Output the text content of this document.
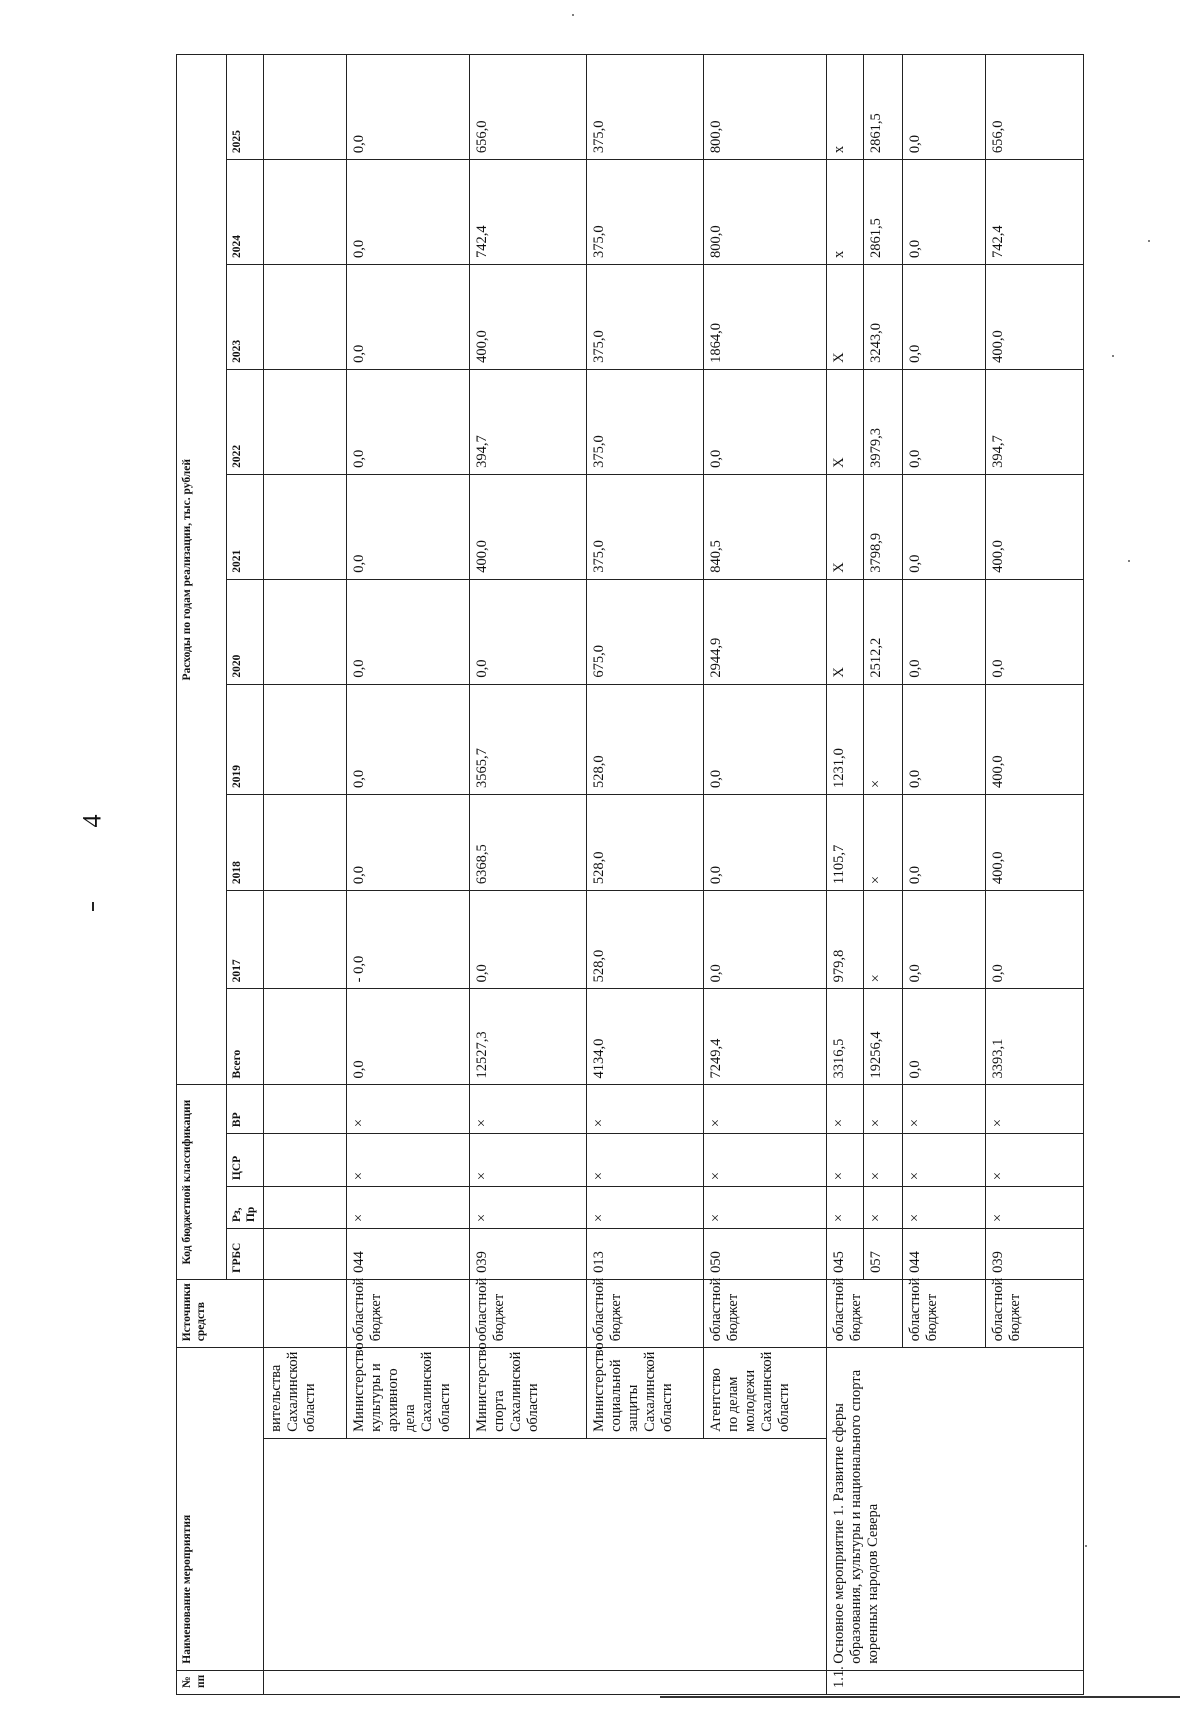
4
№ пп	Наименование мероприятия		Источники средств	Код бюджетной классификации				Расходы по годам реализации, тыс. рублей									
				ГРБС	Рз, Пр	ЦСР	ВР	Всего	2017	2018	2019	2020	2021	2022	2023	2024	2025
		вительства Сахалинской области															
		Министерство культуры и архивного дела Сахалинской области	областной бюджет	044	×	×	×	0,0	- 0,0	0,0	0,0	0,0	0,0	0,0	0,0	0,0	0,0
		Министерство спорта Сахалинской области	областной бюджет	039	×	×	×	12527,3	0,0	6368,5	3565,7	0,0	400,0	394,7	400,0	742,4	656,0
		Министерство социальной защиты Сахалинской области	областной бюджет	013	×	×	×	4134,0	528,0	528,0	528,0	675,0	375,0	375,0	375,0	375,0	375,0
		Агентство по делам молодежи Сахалинской области	областной бюджет	050	×	×	×	7249,4	0,0	0,0	0,0	2944,9	840,5	0,0	1864,0	800,0	800,0
1.1.	Основное мероприятие 1. Развитие сферы образования, культуры и национального спорта коренных народов Севера		областной бюджет	045	×	×	×	3316,5	979,8	1105,7	1231,0	X	X	X	X	x	x
				057	×	×	×	19256,4	×	×	×	2512,2	3798,9	3979,3	3243,0	2861,5	2861,5
			областной бюджет	044	×	×	×	0,0	0,0	0,0	0,0	0,0	0,0	0,0	0,0	0,0	0,0
			областной бюджет	039	×	×	×	3393,1	0,0	400,0	400,0	0,0	400,0	394,7	400,0	742,4	656,0
